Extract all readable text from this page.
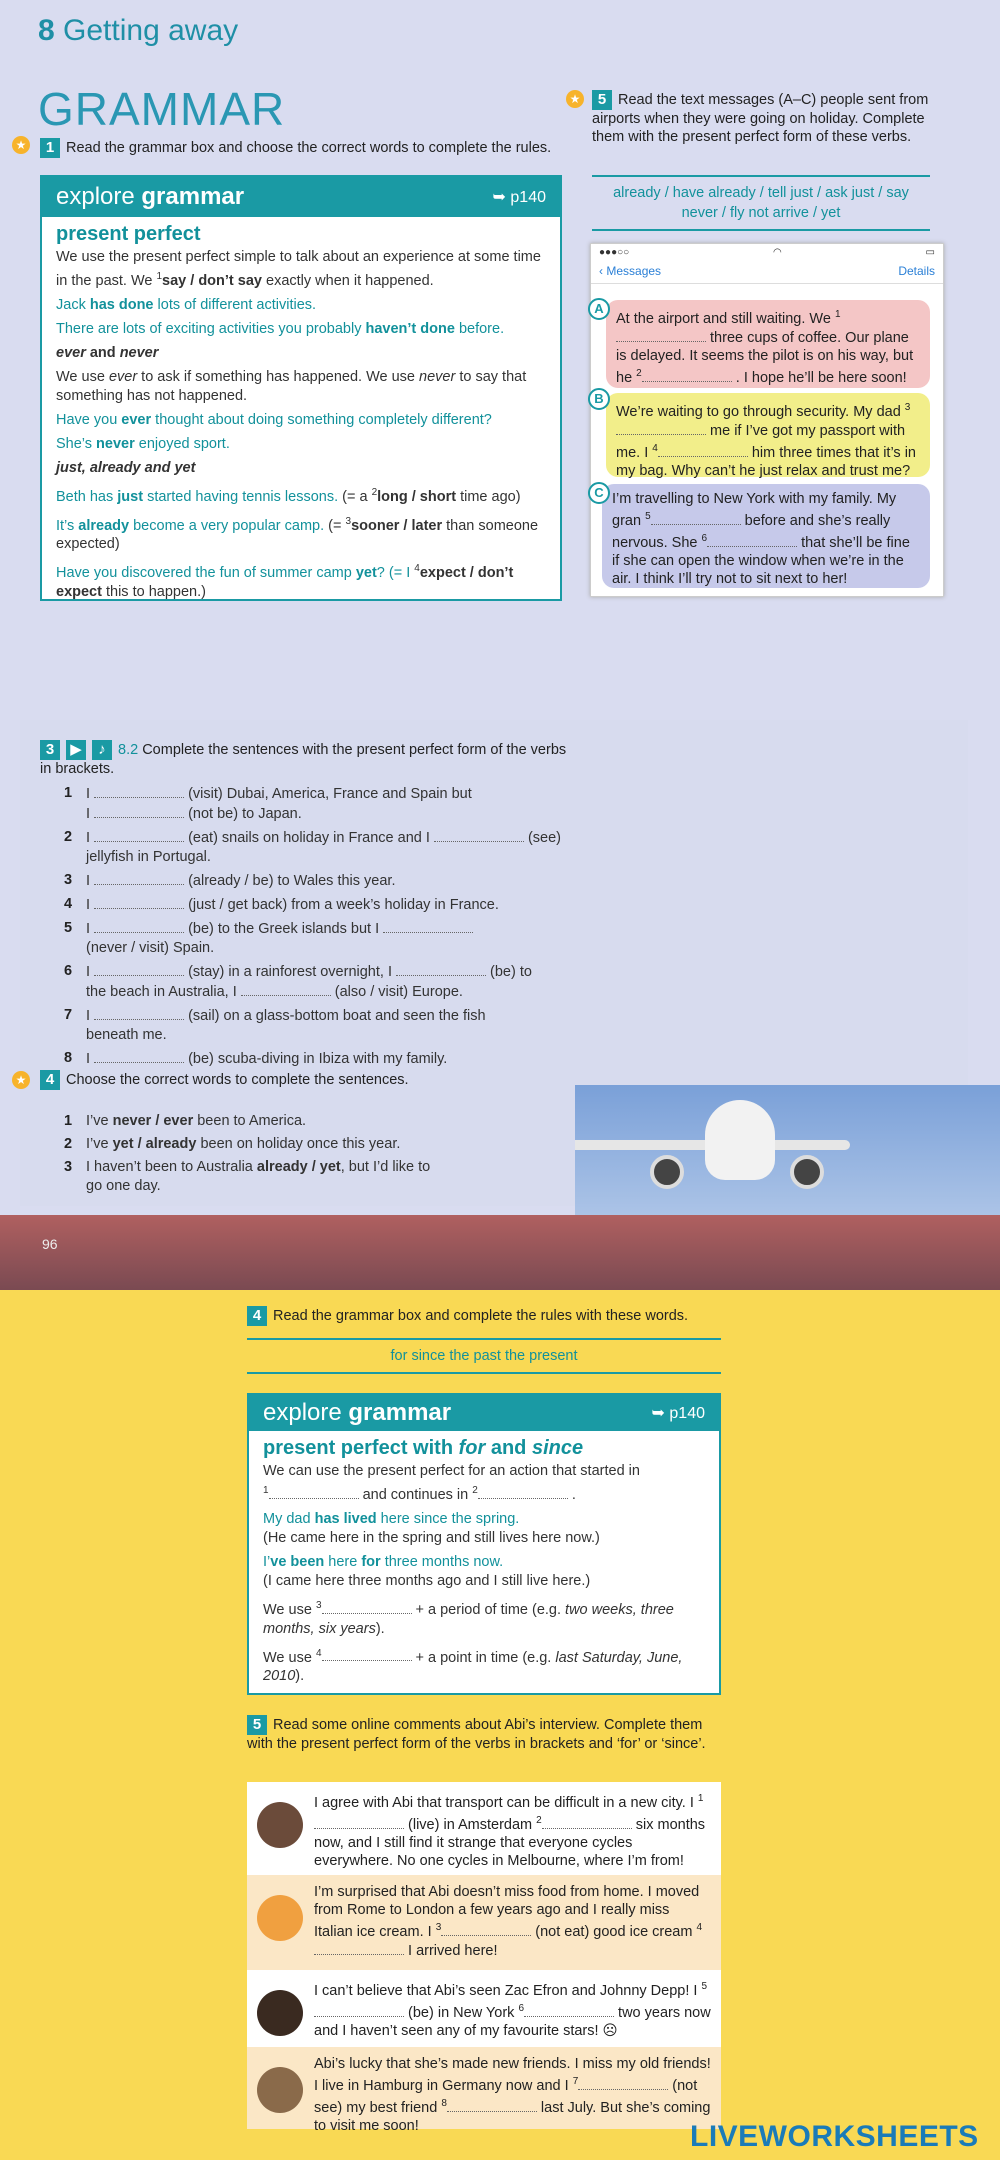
8 Getting away
GRAMMAR
★	1 Read the grammar box and choose the correct words to complete the rules.
explore grammar	➥ p140
present perfect

We use the present perfect simple to talk about an experience at some time in the past. We $^1$say / don’t say exactly when it happened.

Jack has done lots of different activities.

There are lots of exciting activities you probably haven’t done before.

ever and never

We use ever to ask if something has happened. We use never to say that something has not happened.

Have you ever thought about doing something completely different?

She’s never enjoyed sport.

just, already and yet

Beth has just started having tennis lessons. (= a $^2$long / short time ago)

It’s already become a very popular camp. (= $^3$sooner / later than someone expected)

Have you discovered the fun of summer camp yet? (= I $^4$expect / don’t expect this to happen.)

★	5 Read the text messages (A–C) people sent from airports when they were going on holiday. Complete them with the present perfect form of these verbs.
already / have already / tell just / ask just / say
never / fly not arrive / yet
●●●○○	◠	▭
‹ Messages	Details
At the airport and still waiting. We $^1$ three cups of coffee. Our plane is delayed. It seems the pilot is on his way, but he $^2$	. I hope he’ll be here soon!
A
We’re waiting to go through security. My dad $^3$ me if I’ve got my passport with me. I $^4$	him three times that it’s in my bag. Why can’t he just relax and trust me?
B
I’m travelling to New York with my family. My gran $^5$	before and she’s really nervous. She $^6$	that she’ll be fine if she can open the window when we’re in the air. I think I’ll try not to sit next to her!
C
3 ▶ ♪ 8.2 Complete the sentences with the present perfect form of the verbs in brackets.
1 I	(visit) Dubai, America, France and Spain but
I	(not be) to Japan.
2 I	(eat) snails on holiday in France and I	(see)
jellyfish in Portugal.
3 I	(already / be) to Wales this year.
4 I	(just / get back) from a week’s holiday in France.
5 I	(be) to the Greek islands but I
(never / visit) Spain.
6 I	(stay) in a rainforest overnight, I	(be) to
the beach in Australia, I	(also / visit) Europe.
7 I	(sail) on a glass-bottom boat and seen the fish
beneath me.
8 I	(be) scuba-diving in Ibiza with my family.
★	4 Choose the correct words to complete the sentences.
1 I’ve never / ever been to America.
2 I’ve yet / already been on holiday once this year.
3 I haven’t been to Australia already / yet, but I’d like to go one day.
96
4 Read the grammar box and complete the rules with these words.
for since the past the present
explore grammar	➥ p140
present perfect with for and since

We can use the present perfect for an action that started in
$^1$	and continues in $^2$	.

My dad has lived here since the spring.
(He came here in the spring and still lives here now.)

I’ve been here for three months now.
(I came here three months ago and I still live here.)

We use $^3$	+ a period of time (e.g. two weeks, three months, six years).

We use $^4$	+ a point in time (e.g. last Saturday, June, 2010).

5 Read some online comments about Abi’s interview. Complete them with the present perfect form of the verbs in brackets and ‘for’ or ‘since’.
I agree with Abi that transport can be difficult in a new city. I $^1$ (live) in Amsterdam $^2$	six months now, and I still find it strange that everyone cycles everywhere. No one cycles in Melbourne, where I’m from!
I’m surprised that Abi doesn’t miss food from home. I moved from Rome to London a few years ago and I really miss Italian ice cream. I $^3$	(not eat) good ice cream $^4$ I arrived here!
I can’t believe that Abi’s seen Zac Efron and Johnny Depp! I $^5$ (be) in New York $^6$	two years now and I haven’t seen any of my favourite stars! ☹
Abi’s lucky that she’s made new friends. I miss my old friends! I live in Hamburg in Germany now and I $^7$	(not see) my best friend $^8$	last July. But she’s coming to visit me soon!	LIVEWORKSHEETS
